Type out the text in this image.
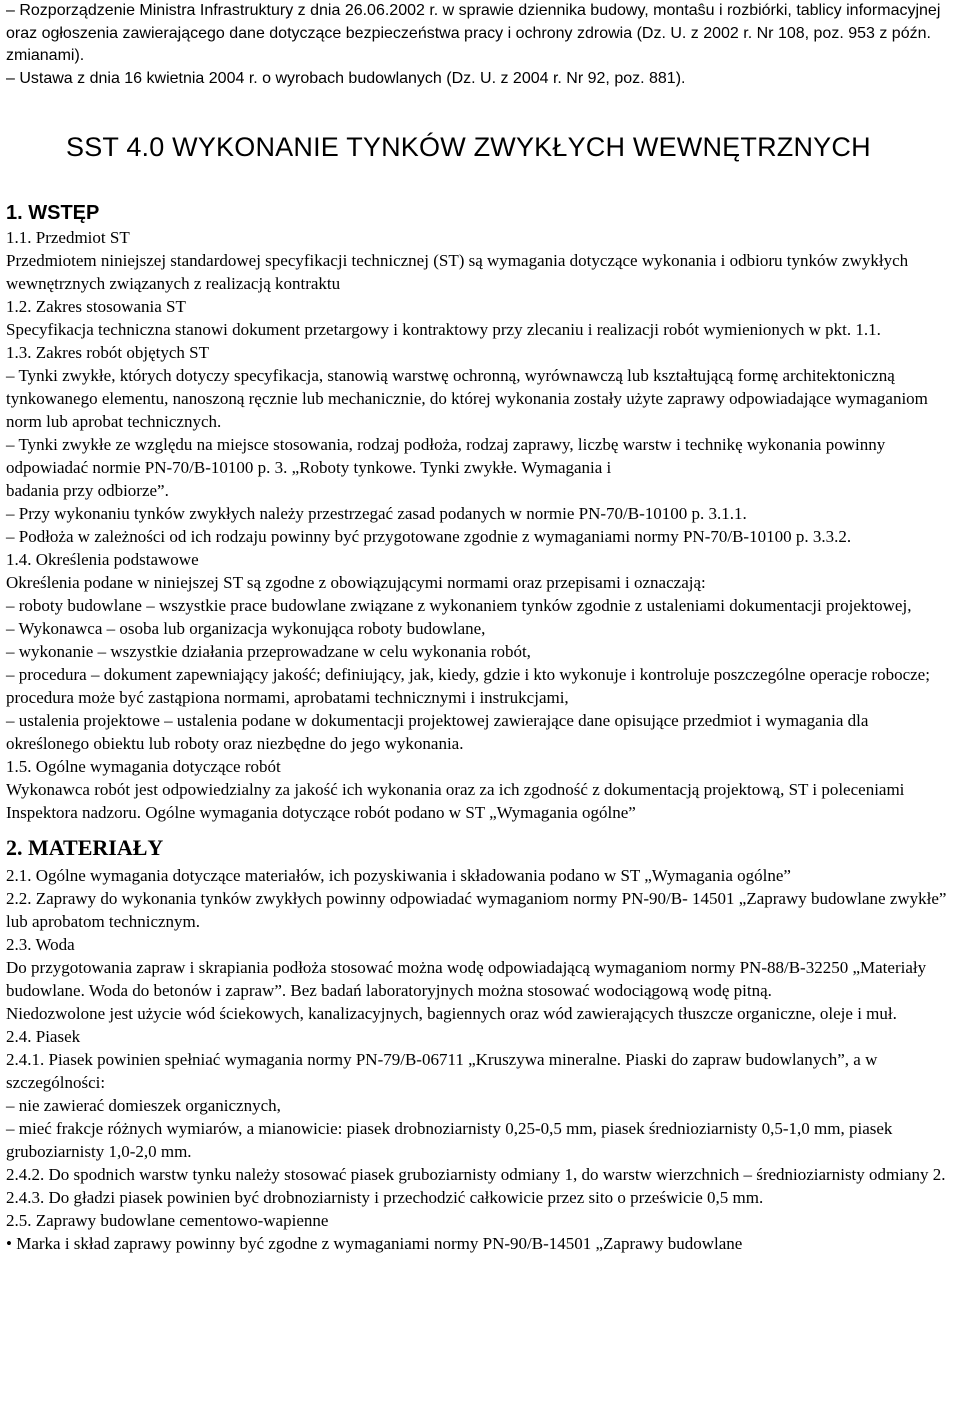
– Rozporządzenie Ministra Infrastruktury z dnia 26.06.2002 r. w sprawie dziennika budowy, montaŝu i rozbiórki, tablicy informacyjnej oraz ogłoszenia zawierającego dane dotyczące bezpieczeństwa pracy i ochrony zdrowia (Dz. U. z 2002 r. Nr 108, poz. 953 z późn. zmianami).

– Ustawa z dnia 16 kwietnia 2004 r. o wyrobach budowlanych (Dz. U. z 2004 r. Nr 92, poz. 881).

SST 4.0 WYKONANIE TYNKÓW ZWYKŁYCH WEWNĘTRZNYCH
1. WSTĘP

1.1. Przedmiot ST

Przedmiotem niniejszej standardowej specyfikacji technicznej (ST) są wymagania dotyczące wykonania i odbioru tynków zwykłych wewnętrznych związanych z realizacją kontraktu

1.2. Zakres stosowania ST

Specyfikacja techniczna stanowi dokument przetargowy i kontraktowy przy zlecaniu i realizacji robót wymienionych w pkt. 1.1.

1.3. Zakres robót objętych ST

– Tynki zwykłe, których dotyczy specyfikacja, stanowią warstwę ochronną, wyrównawczą lub kształtującą formę architektoniczną tynkowanego elementu, nanoszoną ręcznie lub mechanicznie, do której wykonania zostały użyte zaprawy odpowiadające wymaganiom norm lub aprobat technicznych.

– Tynki zwykłe ze względu na miejsce stosowania, rodzaj podłoża, rodzaj zaprawy, liczbę warstw i technikę wykonania powinny odpowiadać normie PN-70/B-10100 p. 3. „Roboty tynkowe. Tynki zwykłe. Wymagania i

badania przy odbiorze”.

– Przy wykonaniu tynków zwykłych należy przestrzegać zasad podanych w normie PN-70/B-10100 p. 3.1.1.

– Podłoża w zależności od ich rodzaju powinny być przygotowane zgodnie z wymaganiami normy PN-70/B-10100 p. 3.3.2.

1.4. Określenia podstawowe

Określenia podane w niniejszej ST są zgodne z obowiązującymi normami oraz przepisami i oznaczają:

– roboty budowlane – wszystkie prace budowlane związane z wykonaniem tynków zgodnie z ustaleniami dokumentacji projektowej,

– Wykonawca – osoba lub organizacja wykonująca roboty budowlane,

– wykonanie – wszystkie działania przeprowadzane w celu wykonania robót,

– procedura – dokument zapewniający jakość; definiujący, jak, kiedy, gdzie i kto wykonuje i kontroluje poszczególne operacje robocze; procedura może być zastąpiona normami, aprobatami technicznymi i instrukcjami,

– ustalenia projektowe – ustalenia podane w dokumentacji projektowej zawierające dane opisujące przedmiot i wymagania dla określonego obiektu lub roboty oraz niezbędne do jego wykonania.

1.5. Ogólne wymagania dotyczące robót

Wykonawca robót jest odpowiedzialny za jakość ich wykonania oraz za ich zgodność z dokumentacją projektową, ST i poleceniami Inspektora nadzoru. Ogólne wymagania dotyczące robót podano w ST „Wymagania ogólne”

2. MATERIAŁY

2.1. Ogólne wymagania dotyczące materiałów, ich pozyskiwania i składowania podano w ST „Wymagania ogólne”

2.2. Zaprawy do wykonania tynków zwykłych powinny odpowiadać wymaganiom normy PN-90/B- 14501 „Zaprawy budowlane zwykłe” lub aprobatom technicznym.

2.3. Woda

Do przygotowania zapraw i skrapiania podłoża stosować można wodę odpowiadającą wymaganiom normy PN-88/B-32250 „Materiały budowlane. Woda do betonów i zapraw”. Bez badań laboratoryjnych można stosować wodociągową wodę pitną.

Niedozwolone jest użycie wód ściekowych, kanalizacyjnych, bagiennych oraz wód zawierających tłuszcze organiczne, oleje i muł.

2.4. Piasek

2.4.1. Piasek powinien spełniać wymagania normy PN-79/B-06711 „Kruszywa mineralne. Piaski do zapraw budowlanych”, a w szczególności:

– nie zawierać domieszek organicznych,

– mieć frakcje różnych wymiarów, a mianowicie: piasek drobnoziarnisty 0,25-0,5 mm, piasek średnioziarnisty 0,5-1,0 mm, piasek gruboziarnisty 1,0-2,0 mm.

2.4.2. Do spodnich warstw tynku należy stosować piasek gruboziarnisty odmiany 1, do warstw wierzchnich – średnioziarnisty odmiany 2.

2.4.3. Do gładzi piasek powinien być drobnoziarnisty i przechodzić całkowicie przez sito o prześwicie 0,5 mm.

2.5. Zaprawy budowlane cementowo-wapienne

• Marka i skład zaprawy powinny być zgodne z wymaganiami normy PN-90/B-14501 „Zaprawy budowlane
